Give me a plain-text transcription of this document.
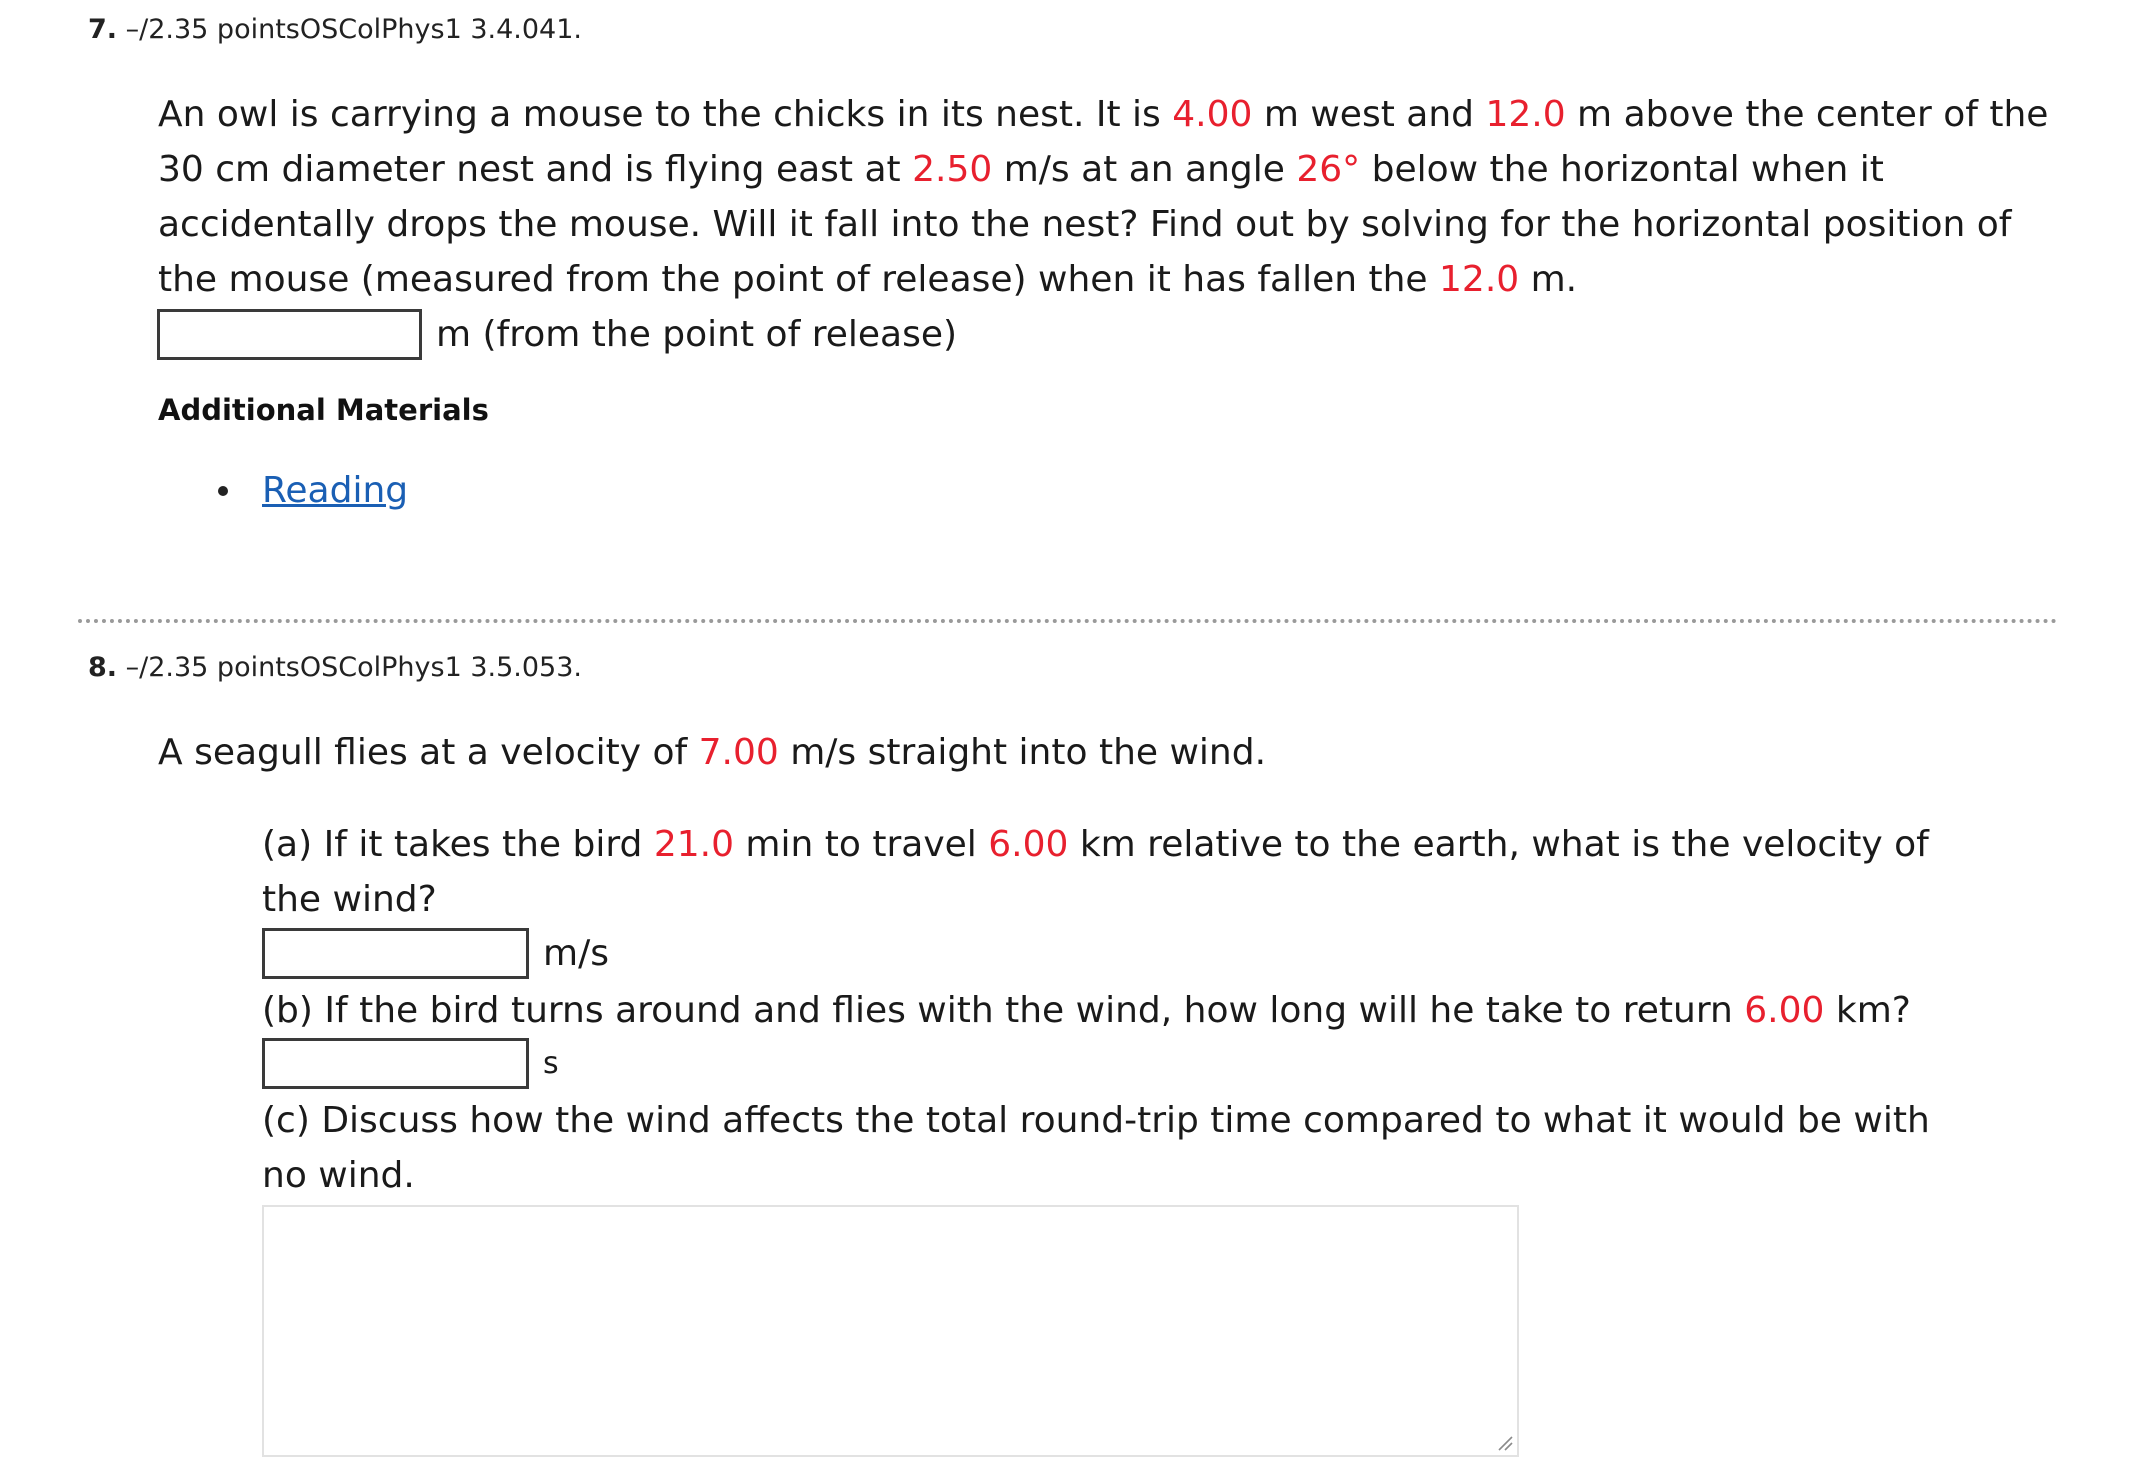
7. –/2.35 pointsOSColPhys1 3.4.041.
An owl is carrying a mouse to the chicks in its nest. It is 4.00 m west and 12.0 m above the center of the
30 cm diameter nest and is flying east at 2.50 m/s at an angle 26° below the horizontal when it
accidentally drops the mouse. Will it fall into the nest? Find out by solving for the horizontal position of
the mouse (measured from the point of release) when it has fallen the 12.0 m.
m (from the point of release)
Additional Materials
Reading
8. –/2.35 pointsOSColPhys1 3.5.053.
A seagull flies at a velocity of 7.00 m/s straight into the wind.
(a) If it takes the bird 21.0 min to travel 6.00 km relative to the earth, what is the velocity of
the wind?
m/s
(b) If the bird turns around and flies with the wind, how long will he take to return 6.00 km?
s
(c) Discuss how the wind affects the total round-trip time compared to what it would be with
no wind.
